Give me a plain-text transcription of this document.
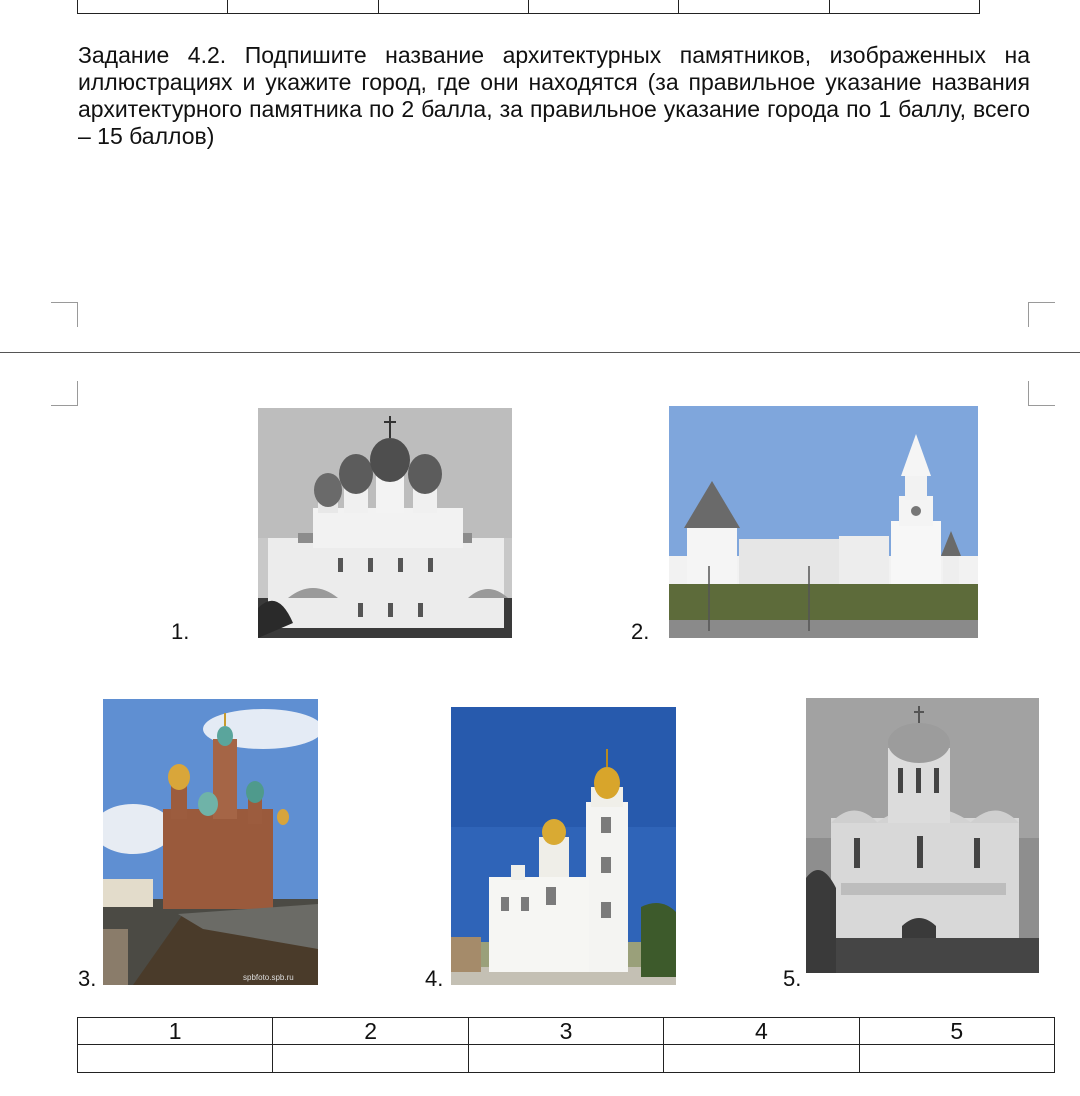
Задание 4.2. Подпишите название архитектурных памятников, изображенных на иллюстрациях и укажите город, где они находятся (за правильное указание названия архитектурного памятника по 2 балла, за правильное указание города по 1 баллу, всего – 15 баллов)
1.	2.
3.	spbfoto.spb.ru	4.	5.
1	2	3	4	5
